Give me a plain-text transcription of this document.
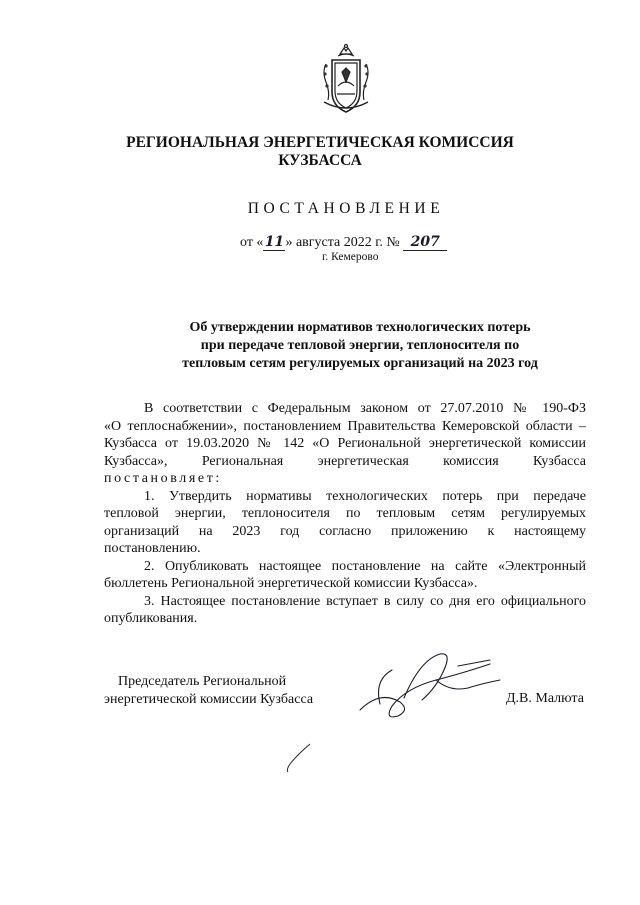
РЕГИОНАЛЬНАЯ ЭНЕРГЕТИЧЕСКАЯ КОМИССИЯ
КУЗБАССА
ПОСТАНОВЛЕНИЕ
от «11» августа 2022 г. № 207
г. Кемерово
Об утверждении нормативов технологических потерь
при передаче тепловой энергии, теплоносителя по
тепловым сетям регулируемых организаций на 2023 год
В соответствии с Федеральным законом от 27.07.2010 № 190-ФЗ
«О теплоснабжении», постановлением Правительства Кемеровской области –
Кузбасса от 19.03.2020 № 142 «О Региональной энергетической комиссии
Кузбасса», Региональная энергетическая комиссия Кузбасса
постановляет:
1. Утвердить нормативы технологических потерь при передаче
тепловой энергии, теплоносителя по тепловым сетям регулируемых
организаций на 2023 год согласно приложению к настоящему
постановлению.
2. Опубликовать настоящее постановление на сайте «Электронный
бюллетень Региональной энергетической комиссии Кузбасса».
3. Настоящее постановление вступает в силу со дня его официального
опубликования.
Председатель Региональной
энергетической комиссии Кузбасса	Д.В. Малюта
